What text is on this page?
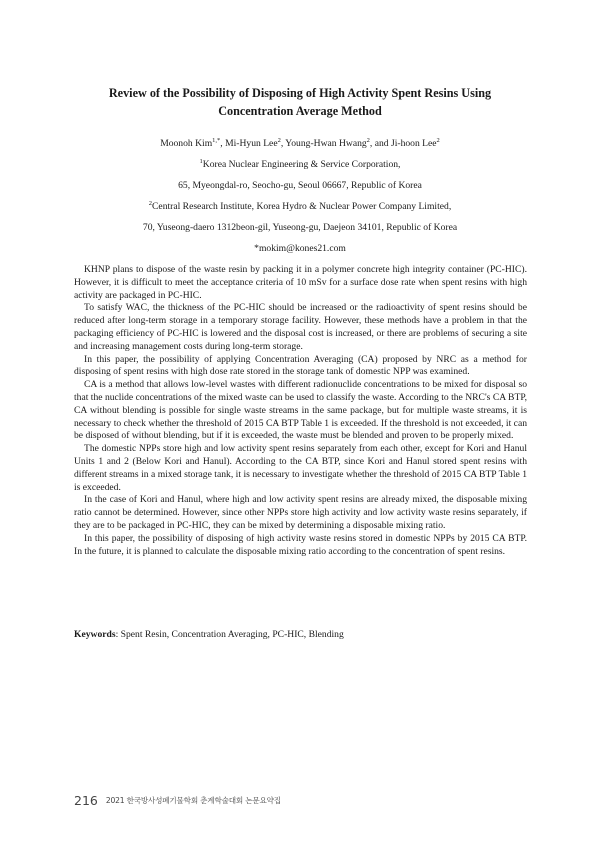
Review of the Possibility of Disposing of High Activity Spent Resins Using
Concentration Average Method
Moonoh Kim$^{1,*}$, Mi-Hyun Lee$^2$, Young-Hwan Hwang$^2$, and Ji-hoon Lee$^2$
$^1$Korea Nuclear Engineering & Service Corporation,
65, Myeongdal-ro, Seocho-gu, Seoul 06667, Republic of Korea
$^2$Central Research Institute, Korea Hydro & Nuclear Power Company Limited,
70, Yuseong-daero 1312beon-gil, Yuseong-gu, Daejeon 34101, Republic of Korea
*mokim@kones21.com

KHNP plans to dispose of the waste resin by packing it in a polymer concrete high integrity container (PC-HIC). However, it is difficult to meet the acceptance criteria of 10 mSv for a surface dose rate when spent resins with high activity are packaged in PC-HIC.

To satisfy WAC, the thickness of the PC-HIC should be increased or the radioactivity of spent resins should be reduced after long-term storage in a temporary storage facility. However, these methods have a problem in that the packaging efficiency of PC-HIC is lowered and the disposal cost is increased, or there are problems of securing a site and increasing management costs during long-term storage.

In this paper, the possibility of applying Concentration Averaging (CA) proposed by NRC as a method for disposing of spent resins with high dose rate stored in the storage tank of domestic NPP was examined.

CA is a method that allows low-level wastes with different radionuclide concentrations to be mixed for disposal so that the nuclide concentrations of the mixed waste can be used to classify the waste. According to the NRC's CA BTP, CA without blending is possible for single waste streams in the same package, but for multiple waste streams, it is necessary to check whether the threshold of 2015 CA BTP Table 1 is exceeded. If the threshold is not exceeded, it can be disposed of without blending, but if it is exceeded, the waste must be blended and proven to be properly mixed.

The domestic NPPs store high and low activity spent resins separately from each other, except for Kori and Hanul Units 1 and 2 (Below Kori and Hanul). According to the CA BTP, since Kori and Hanul stored spent resins with different streams in a mixed storage tank, it is necessary to investigate whether the threshold of 2015 CA BTP Table 1 is exceeded.

In the case of Kori and Hanul, where high and low activity spent resins are already mixed, the disposable mixing ratio cannot be determined. However, since other NPPs store high activity and low activity waste resins separately, if they are to be packaged in PC-HIC, they can be mixed by determining a disposable mixing ratio.

In this paper, the possibility of disposing of high activity waste resins stored in domestic NPPs by 2015 CA BTP. In the future, it is planned to calculate the disposable mixing ratio according to the concentration of spent resins.

Keywords: Spent Resin, Concentration Averaging, PC-HIC, Blending
216 2021 한국방사성폐기물학회 춘계학술대회 논문요약집
